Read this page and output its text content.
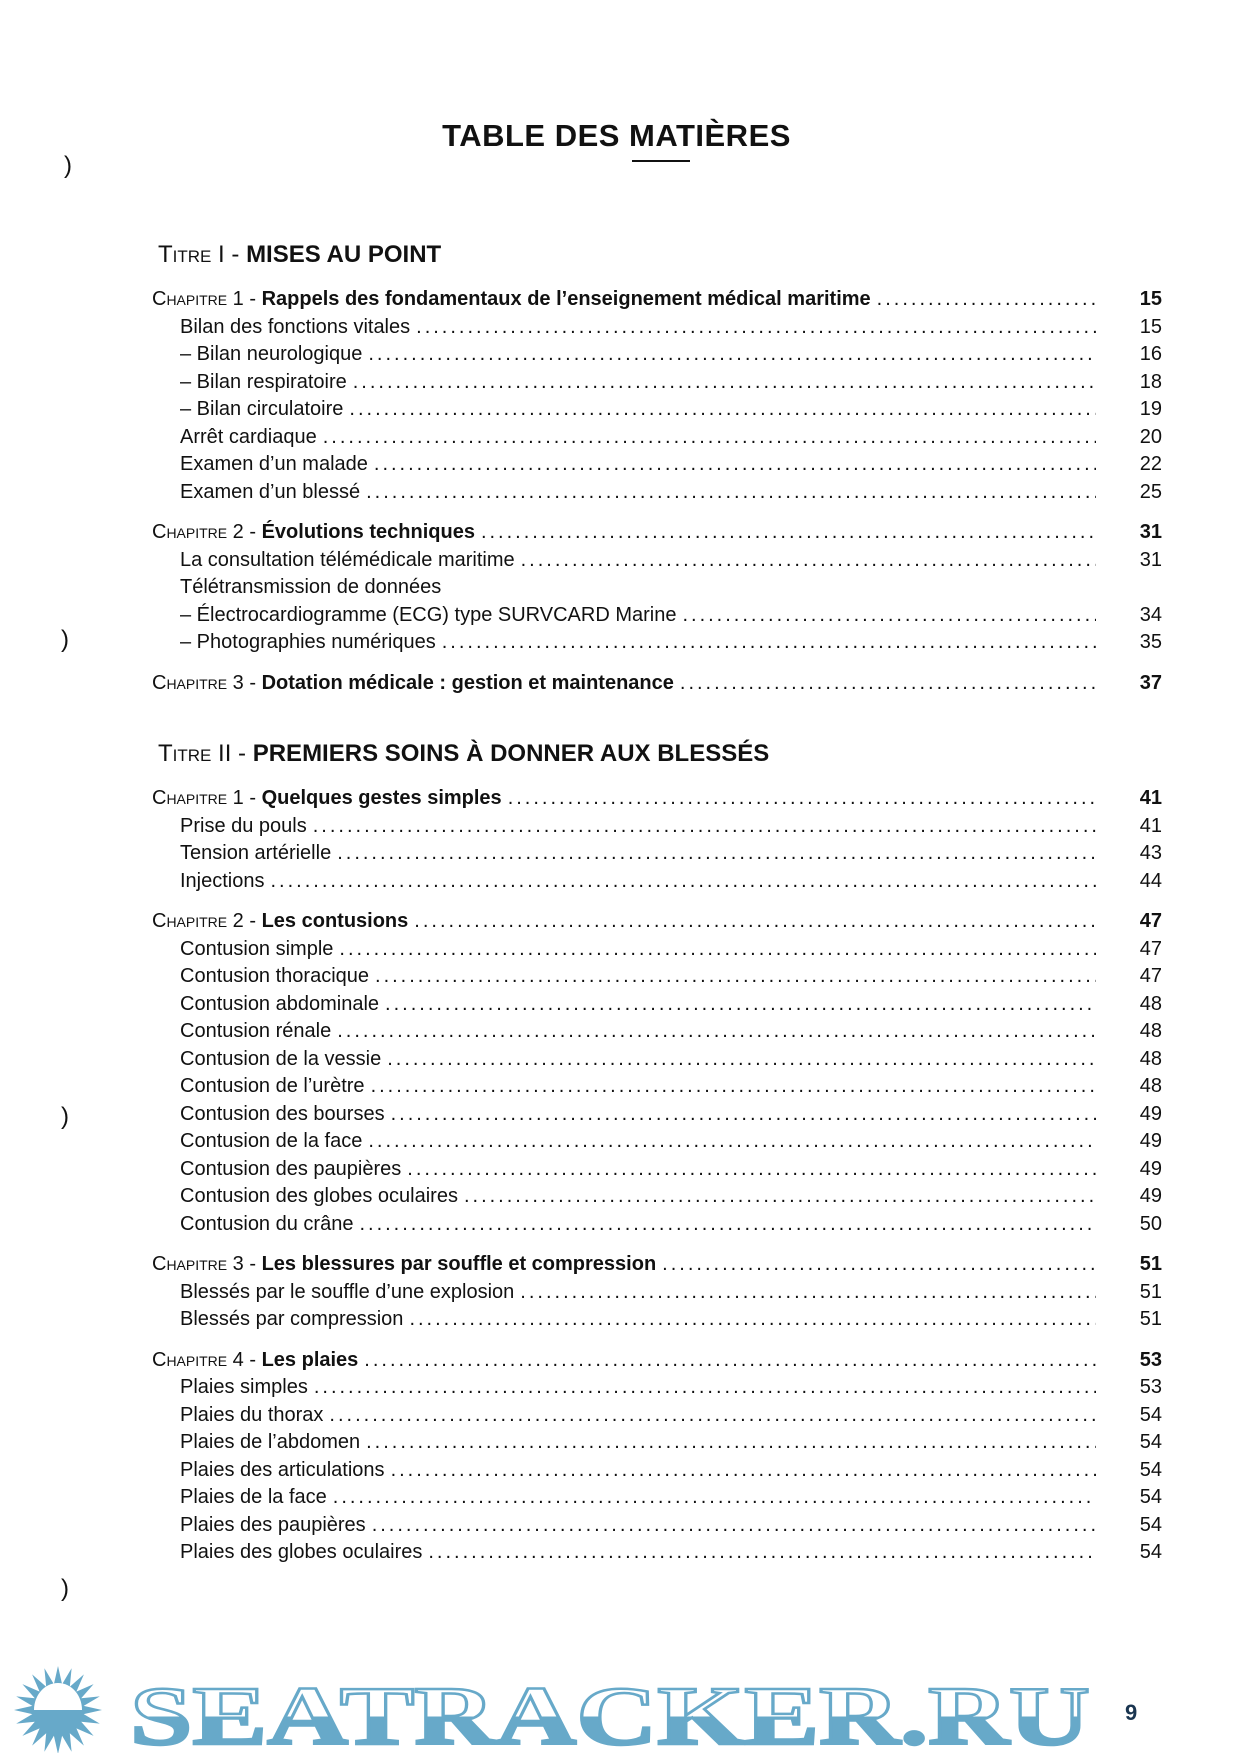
TABLE DES MATIÈRES
)
)
)
)
Titre I - MISES AU POINT
Chapitre 1 - Rappels des fondamentaux de l’enseignement médical maritime .....	15
Bilan des fonctions vitales .....	15
– Bilan neurologique .....	16
– Bilan respiratoire .....	18
– Bilan circulatoire .....	19
Arrêt cardiaque .....	20
Examen d’un malade .....	22
Examen d’un blessé .....	25
Chapitre 2 - Évolutions techniques .....	31
La consultation télémédicale maritime .....	31
Télétransmission de données
– Électrocardiogramme (ECG) type SURVCARD Marine .....	34
– Photographies numériques .....	35
Chapitre 3 - Dotation médicale : gestion et maintenance .....	37
Titre II - PREMIERS SOINS À DONNER AUX BLESSÉS
Chapitre 1 - Quelques gestes simples .....	41
Prise du pouls .....	41
Tension artérielle .....	43
Injections .....	44
Chapitre 2 - Les contusions .....	47
Contusion simple .....	47
Contusion thoracique .....	47
Contusion abdominale .....	48
Contusion rénale .....	48
Contusion de la vessie .....	48
Contusion de l’urètre .....	48
Contusion des bourses .....	49
Contusion de la face .....	49
Contusion des paupières .....	49
Contusion des globes oculaires .....	49
Contusion du crâne .....	50
Chapitre 3 - Les blessures par souffle et compression .....	51
Blessés par le souffle d’une explosion .....	51
Blessés par compression .....	51
Chapitre 4 - Les plaies .....	53
Plaies simples .....	53
Plaies du thorax .....	54
Plaies de l’abdomen .....	54
Plaies des articulations .....	54
Plaies de la face .....	54
Plaies des paupières .....	54
Plaies des globes oculaires .....	54
SEATRACKER.RU 9
